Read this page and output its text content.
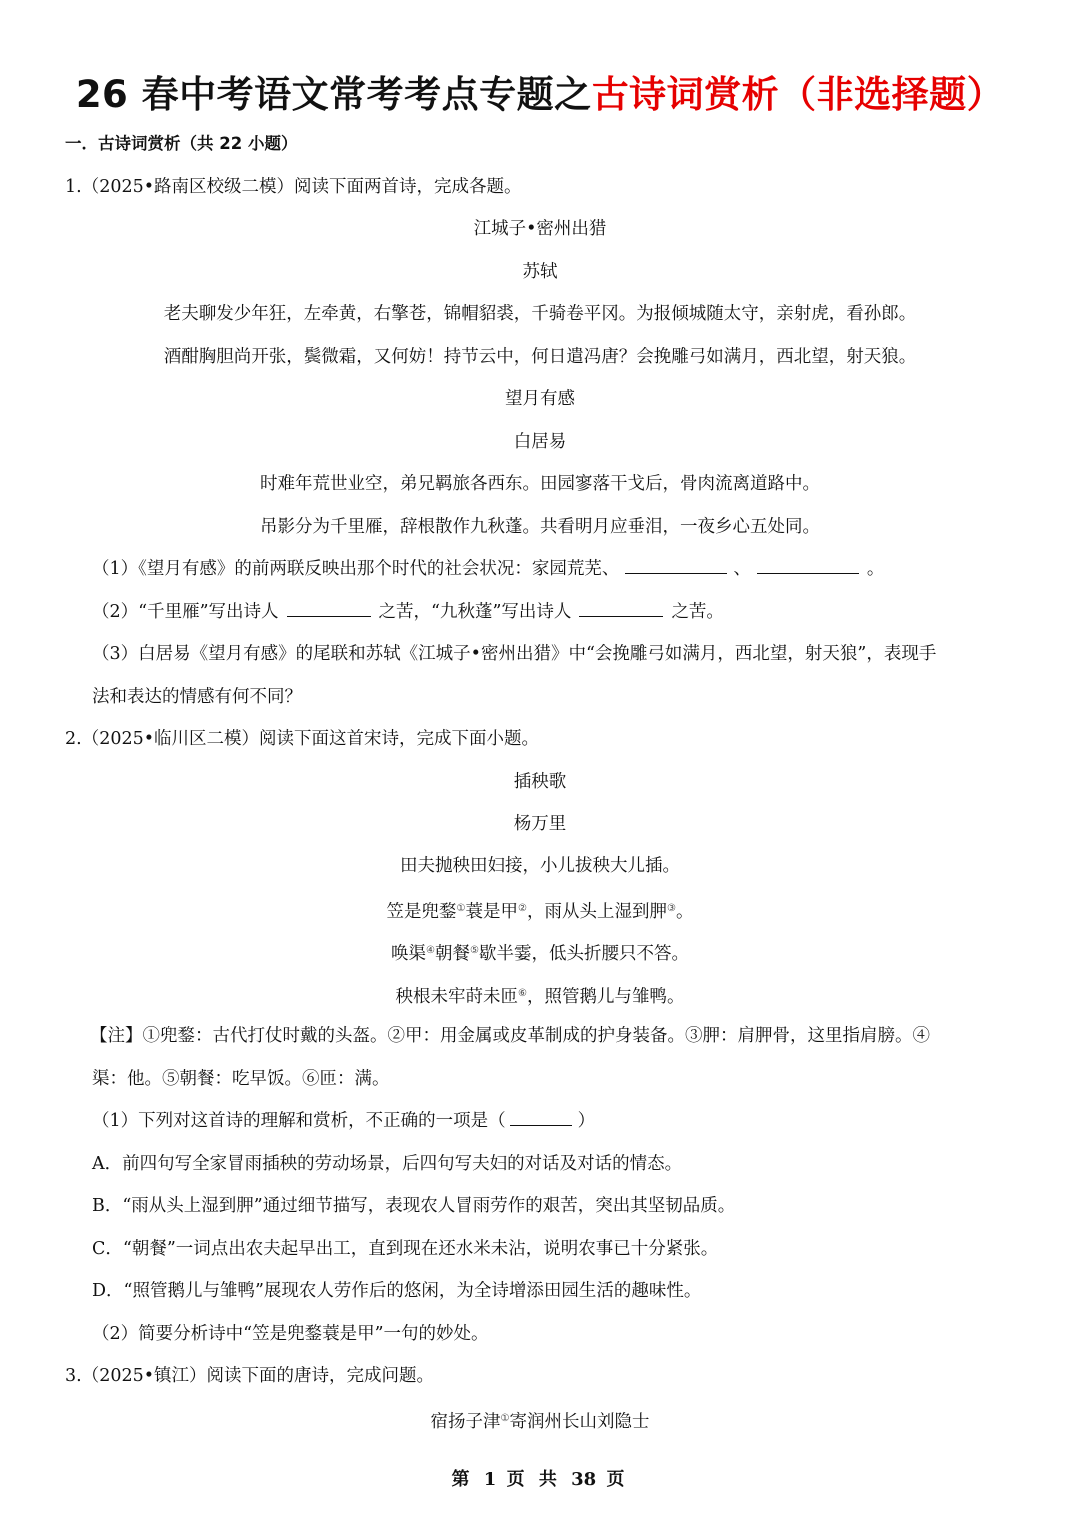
26 春中考语文常考考点专题之古诗词赏析（非选择题）
一．古诗词赏析（共 22 小题）
1.（2025•路南区校级二模）阅读下面两首诗，完成各题。
江城子•密州出猎
苏轼
老夫聊发少年狂，左牵黄，右擎苍，锦帽貂裘，千骑卷平冈。为报倾城随太守，亲射虎，看孙郎。
酒酣胸胆尚开张，鬓微霜，又何妨！持节云中，何日遣冯唐？会挽雕弓如满月，西北望，射天狼。
望月有感
白居易
时难年荒世业空，弟兄羁旅各西东。田园寥落干戈后，骨肉流离道路中。
吊影分为千里雁，辞根散作九秋蓬。共看明月应垂泪，一夜乡心五处同。
（1）《望月有感》的前两联反映出那个时代的社会状况：家园荒芜、	、	。
（2）“千里雁”写出诗人	之苦，“九秋蓬”写出诗人	之苦。
（3）白居易《望月有感》的尾联和苏轼《江城子•密州出猎》中“会挽雕弓如满月，西北望，射天狼”，表现手
法和表达的情感有何不同？
2.（2025•临川区二模）阅读下面这首宋诗，完成下面小题。
插秧歌
杨万里
田夫抛秧田妇接，小儿拔秧大儿插。
笠是兜鍪①蓑是甲②，雨从头上湿到胛③。
唤渠④朝餐⑤歇半霎，低头折腰只不答。
秧根未牢莳未匝⑥，照管鹅儿与雏鸭。
【注】①兜鍪：古代打仗时戴的头盔。②甲：用金属或皮革制成的护身装备。③胛：肩胛骨，这里指肩膀。④
渠：他。⑤朝餐：吃早饭。⑥匝：满。
（1）下列对这首诗的理解和赏析，不正确的一项是（	）
A．前四句写全家冒雨插秧的劳动场景，后四句写夫妇的对话及对话的情态。
B．“雨从头上湿到胛”通过细节描写，表现农人冒雨劳作的艰苦，突出其坚韧品质。
C．“朝餐”一词点出农夫起早出工，直到现在还水米未沾，说明农事已十分紧张。
D．“照管鹅儿与雏鸭”展现农人劳作后的悠闲，为全诗增添田园生活的趣味性。
（2）简要分析诗中“笠是兜鍪蓑是甲”一句的妙处。
3.（2025•镇江）阅读下面的唐诗，完成问题。
宿扬子津①寄润州长山刘隐士
第 1 页 共 38 页
